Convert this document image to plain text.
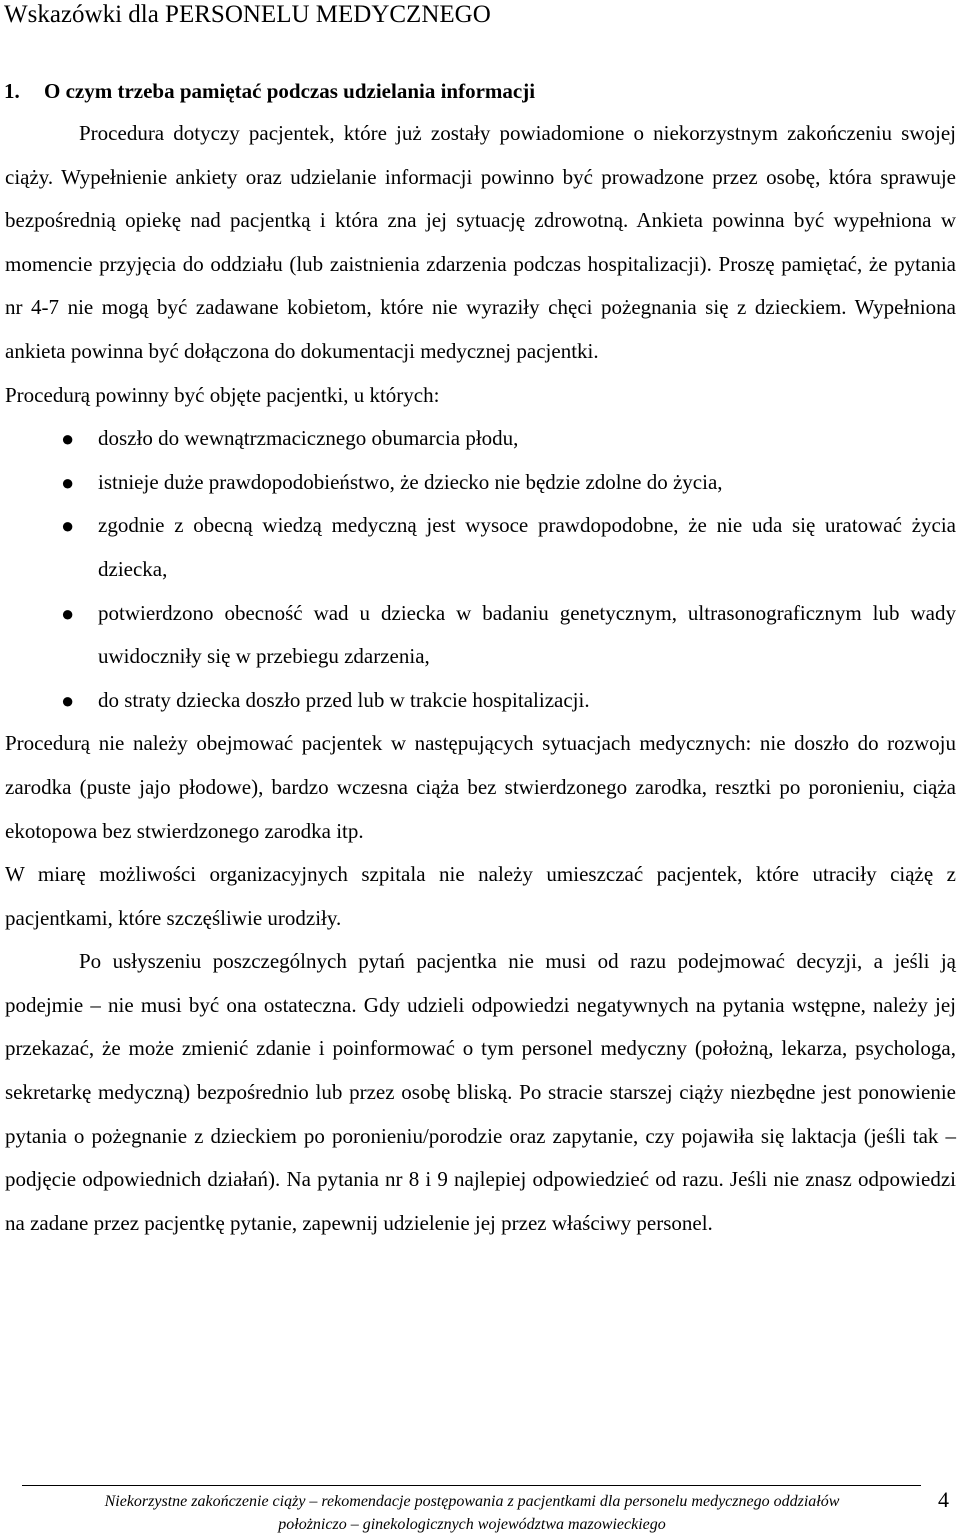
Wskazówki dla PERSONELU MEDYCZNEGO
1. O czym trzeba pamiętać podczas udzielania informacji

Procedura dotyczy pacjentek, które już zostały powiadomione o niekorzystnym zakończeniu swojej ciąży. Wypełnienie ankiety oraz udzielanie informacji powinno być prowadzone przez osobę, która sprawuje bezpośrednią opiekę nad pacjentką i która zna jej sytuację zdrowotną. Ankieta powinna być wypełniona w momencie przyjęcia do oddziału (lub zaistnienia zdarzenia podczas hospitalizacji). Proszę pamiętać, że pytania nr 4-7 nie mogą być zadawane kobietom, które nie wyraziły chęci pożegnania się z dzieckiem. Wypełniona ankieta powinna być dołączona do dokumentacji medycznej pacjentki.

Procedurą powinny być objęte pacjentki, u których:

● doszło do wewnątrzmacicznego obumarcia płodu,
● istnieje duże prawdopodobieństwo, że dziecko nie będzie zdolne do życia,
● zgodnie z obecną wiedzą medyczną jest wysoce prawdopodobne, że nie uda się uratować życia dziecka,
● potwierdzono obecność wad u dziecka w badaniu genetycznym, ultrasonograficznym lub wady uwidoczniły się w przebiegu zdarzenia,
● do straty dziecka doszło przed lub w trakcie hospitalizacji.

Procedurą nie należy obejmować pacjentek w następujących sytuacjach medycznych: nie doszło do rozwoju zarodka (puste jajo płodowe), bardzo wczesna ciąża bez stwierdzonego zarodka, resztki po poronieniu, ciąża ekotopowa bez stwierdzonego zarodka itp.

W miarę możliwości organizacyjnych szpitala nie należy umieszczać pacjentek, które utraciły ciążę z pacjentkami, które szczęśliwie urodziły.

Po usłyszeniu poszczególnych pytań pacjentka nie musi od razu podejmować decyzji, a jeśli ją podejmie – nie musi być ona ostateczna. Gdy udzieli odpowiedzi negatywnych na pytania wstępne, należy jej przekazać, że może zmienić zdanie i poinformować o tym personel medyczny (położną, lekarza, psychologa, sekretarkę medyczną) bezpośrednio lub przez osobę bliską. Po stracie starszej ciąży niezbędne jest ponowienie pytania o pożegnanie z dzieckiem po poronieniu/porodzie oraz zapytanie, czy pojawiła się laktacja (jeśli tak – podjęcie odpowiednich działań). Na pytania nr 8 i 9 najlepiej odpowiedzieć od razu. Jeśli nie znasz odpowiedzi na zadane przez pacjentkę pytanie, zapewnij udzielenie jej przez właściwy personel.

Niekorzystne zakończenie ciąży – rekomendacje postępowania z pacjentkami dla personelu medycznego oddziałów
położniczo – ginekologicznych województwa mazowieckiego
4
